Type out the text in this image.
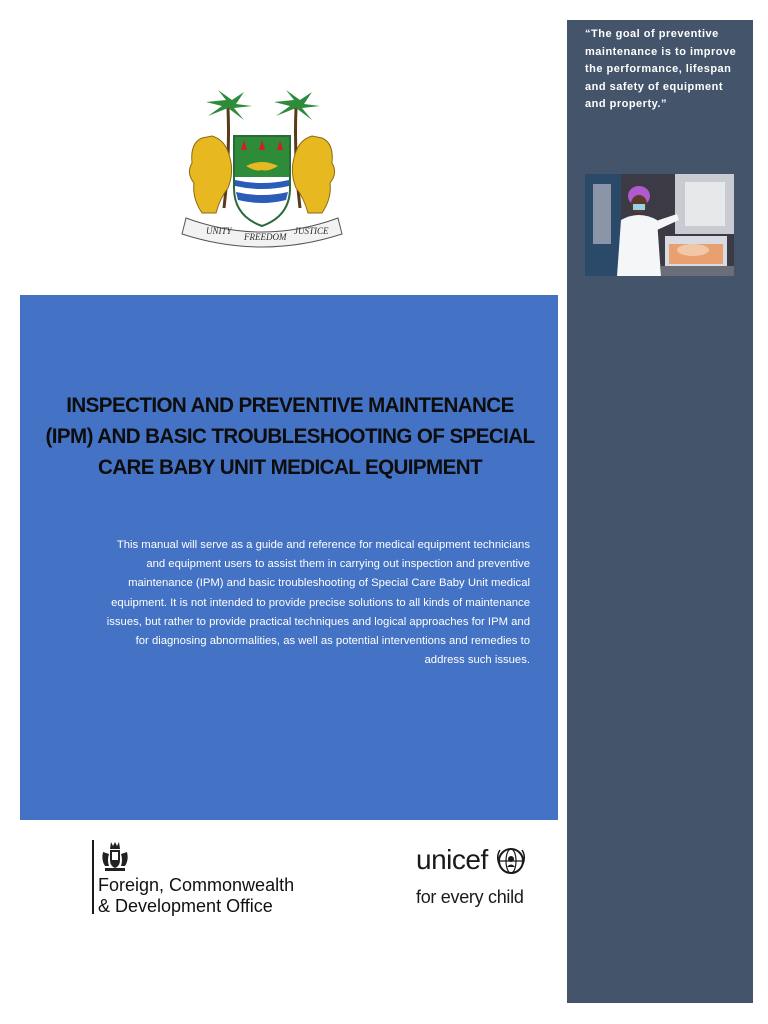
UNITY
FREEDOM
JUSTICE
INSPECTION AND PREVENTIVE MAINTENANCE (IPM) AND BASIC TROUBLESHOOTING OF SPECIAL CARE BABY UNIT MEDICAL EQUIPMENT

This manual will serve as a guide and reference for medical equipment technicians and equipment users to assist them in carrying out inspection and preventive maintenance (IPM) and basic troubleshooting of Special Care Baby Unit medical equipment. It is not intended to provide precise solutions to all kinds of maintenance issues, but rather to provide practical techniques and logical approaches for IPM and for diagnosing abnormalities, as well as potential interventions and remedies to address such issues.

“The goal of preventive maintenance is to improve the performance, lifespan and safety of equipment and property.”

Foreign, Commonwealth
& Development Office
unicef
for every child
